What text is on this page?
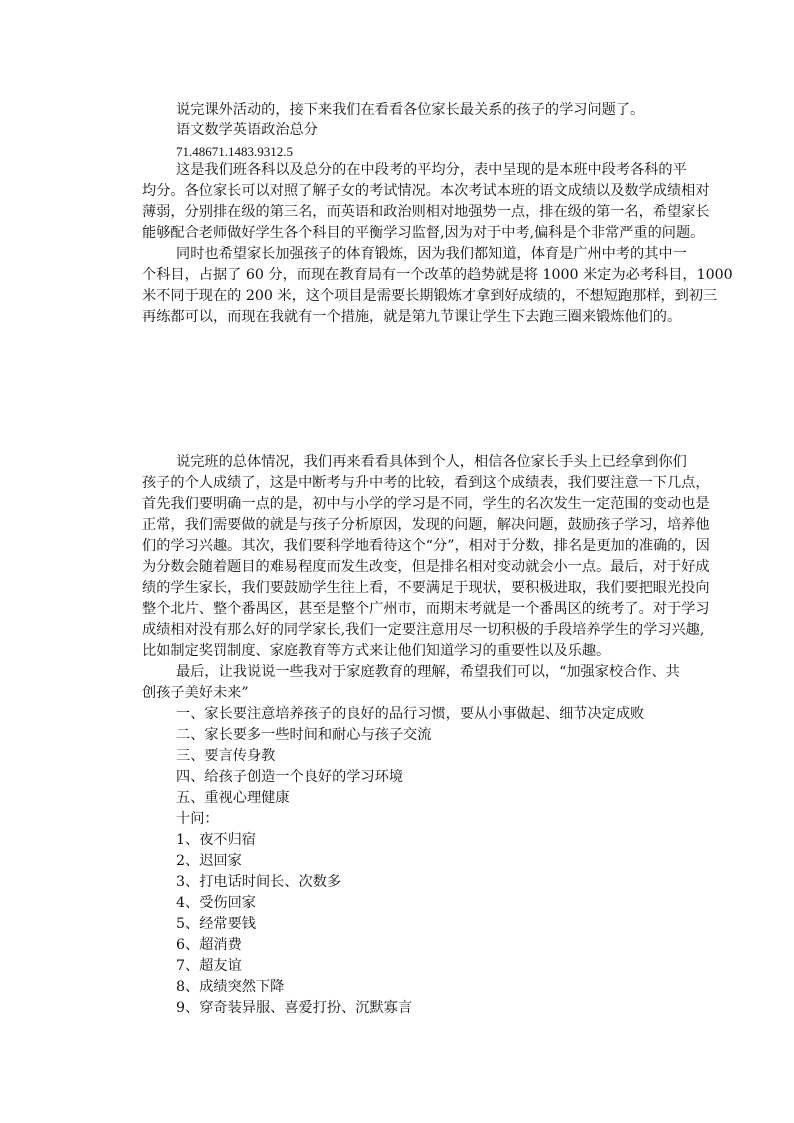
说完课外活动的，接下来我们在看看各位家长最关系的孩子的学习问题了。
语文数学英语政治总分
71.48671.1483.9312.5
这是我们班各科以及总分的在中段考的平均分，表中呈现的是本班中段考各科的平
均分。各位家长可以对照了解子女的考试情况。本次考试本班的语文成绩以及数学成绩相对
薄弱，分别排在级的第三名，而英语和政治则相对地强势一点，排在级的第一名，希望家长
能够配合老师做好学生各个科目的平衡学习监督,因为对于中考,偏科是个非常严重的问题。
同时也希望家长加强孩子的体育锻炼，因为我们都知道，体育是广州中考的其中一
个科目，占据了 60 分，而现在教育局有一个改革的趋势就是将 1000 米定为必考科目，1000
米不同于现在的 200 米，这个项目是需要长期锻炼才拿到好成绩的，不想短跑那样，到初三
再练都可以，而现在我就有一个措施，就是第九节课让学生下去跑三圈来锻炼他们的。
说完班的总体情况，我们再来看看具体到个人，相信各位家长手头上已经拿到你们
孩子的个人成绩了，这是中断考与升中考的比较，看到这个成绩表，我们要注意一下几点，
首先我们要明确一点的是，初中与小学的学习是不同，学生的名次发生一定范围的变动也是
正常，我们需要做的就是与孩子分析原因，发现的问题，解决问题，鼓励孩子学习，培养他
们的学习兴趣。其次，我们要科学地看待这个“分”，相对于分数，排名是更加的准确的，因
为分数会随着题目的难易程度而发生改变，但是排名相对变动就会小一点。最后，对于好成
绩的学生家长，我们要鼓励学生往上看，不要满足于现状，要积极进取，我们要把眼光投向
整个北片、整个番禺区，甚至是整个广州市，而期末考就是一个番禺区的统考了。对于学习
成绩相对没有那么好的同学家长,我们一定要注意用尽一切积极的手段培养学生的学习兴趣,
比如制定奖罚制度、家庭教育等方式来让他们知道学习的重要性以及乐趣。
最后，让我说说一些我对于家庭教育的理解，希望我们可以，“加强家校合作、共
创孩子美好未来”
一、家长要注意培养孩子的良好的品行习惯，要从小事做起、细节决定成败
二、家长要多一些时间和耐心与孩子交流
三、要言传身教
四、给孩子创造一个良好的学习环境
五、重视心理健康
十问：
1、夜不归宿
2、迟回家
3、打电话时间长、次数多
4、受伤回家
5、经常要钱
6、超消费
7、超友谊
8、成绩突然下降
9、穿奇装异服、喜爱打扮、沉默寡言
